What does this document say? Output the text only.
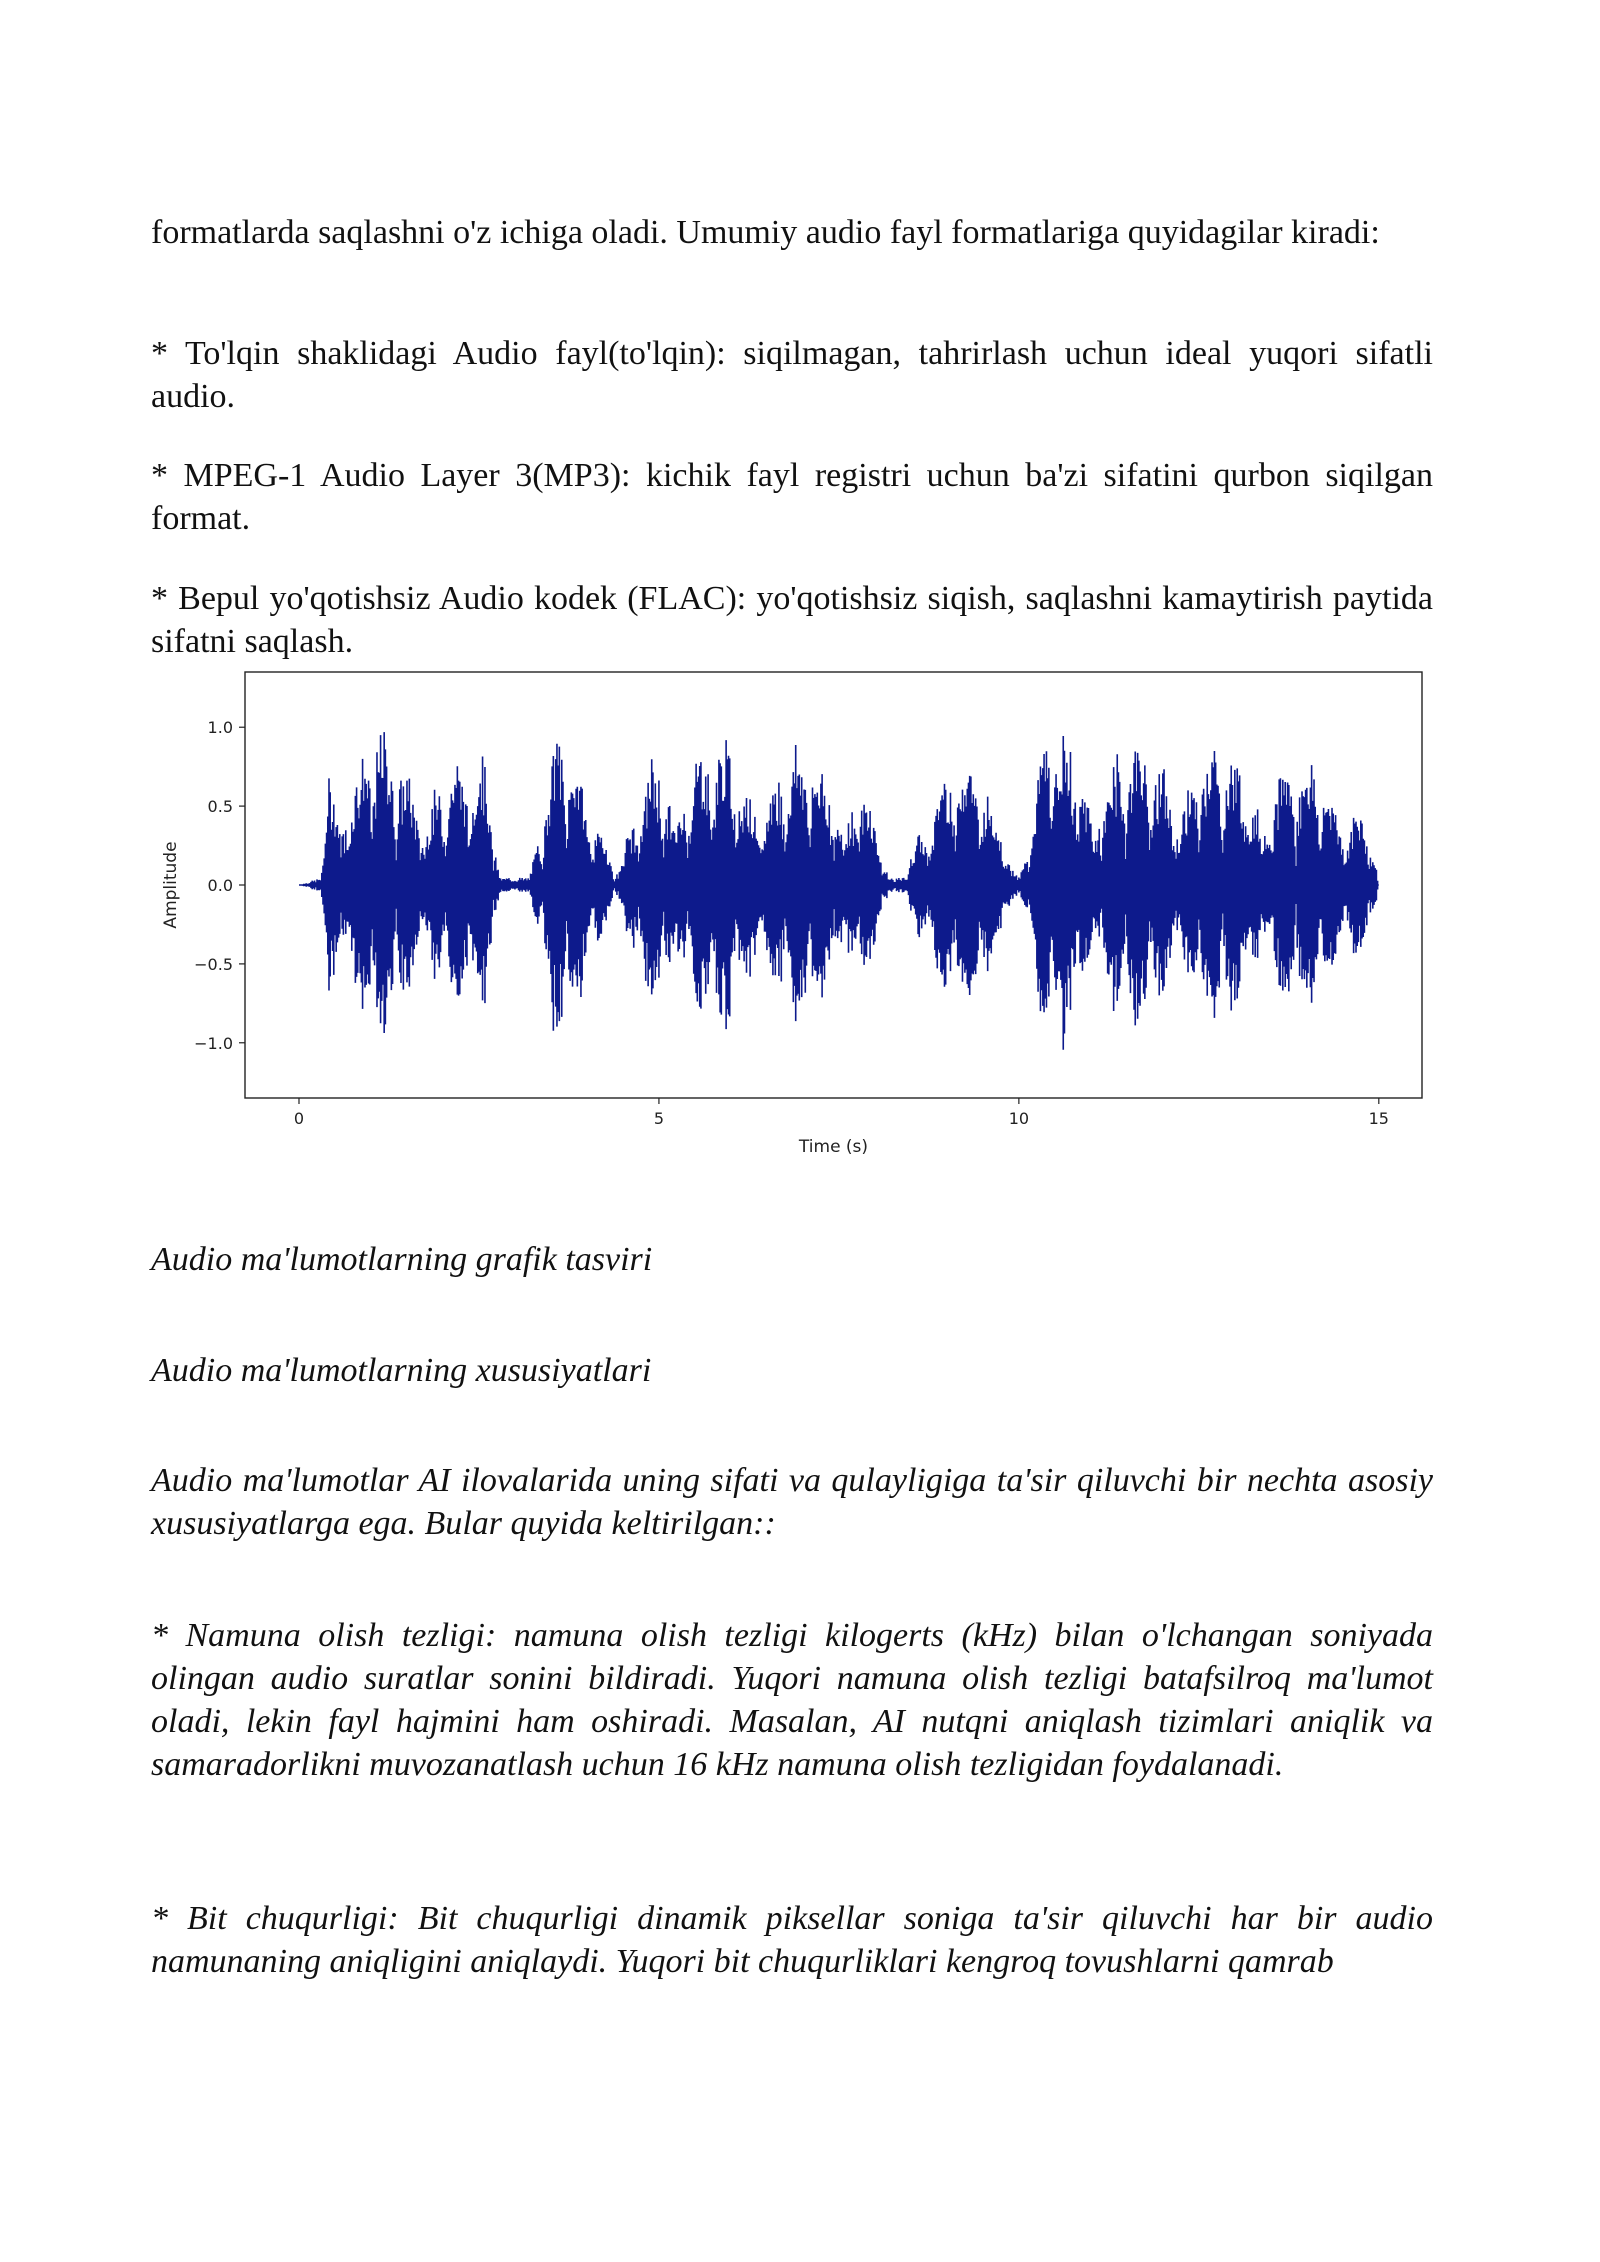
formatlarda saqlashni o'z ichiga oladi. Umumiy audio fayl formatlariga quyidagilar kiradi:

* To'lqin shaklidagi Audio fayl(to'lqin): siqilmagan, tahrirlash uchun ideal yuqori sifatli audio.

* MPEG-1 Audio Layer 3(MP3): kichik fayl registri uchun ba'zi sifatini qurbon siqilgan format.

* Bepul yo'qotishsiz Audio kodek (FLAC): yo'qotishsiz siqish, saqlashni kamaytirish paytida sifatni saqlash.

0	5	10	15
1.0
0.5
0.0
−0.5
−1.0
Time (s)
Amplitude

Audio ma'lumotlarning grafik tasviri

Audio ma'lumotlarning xususiyatlari

Audio ma'lumotlar AI ilovalarida uning sifati va qulayligiga ta'sir qiluvchi bir nechta asosiy xususiyatlarga ega. Bular quyida keltirilgan::

* Namuna olish tezligi: namuna olish tezligi kilogerts (kHz) bilan o'lchangan soniyada olingan audio suratlar sonini bildiradi. Yuqori namuna olish tezligi batafsilroq ma'lumot oladi, lekin fayl hajmini ham oshiradi. Masalan, AI nutqni aniqlash tizimlari aniqlik va samaradorlikni muvozanatlash uchun 16 kHz namuna olish tezligidan foydalanadi.

* Bit chuqurligi: Bit chuqurligi dinamik piksellar soniga ta'sir qiluvchi har bir audio namunaning aniqligini aniqlaydi. Yuqori bit chuqurliklari kengroq tovushlarni qamrab
